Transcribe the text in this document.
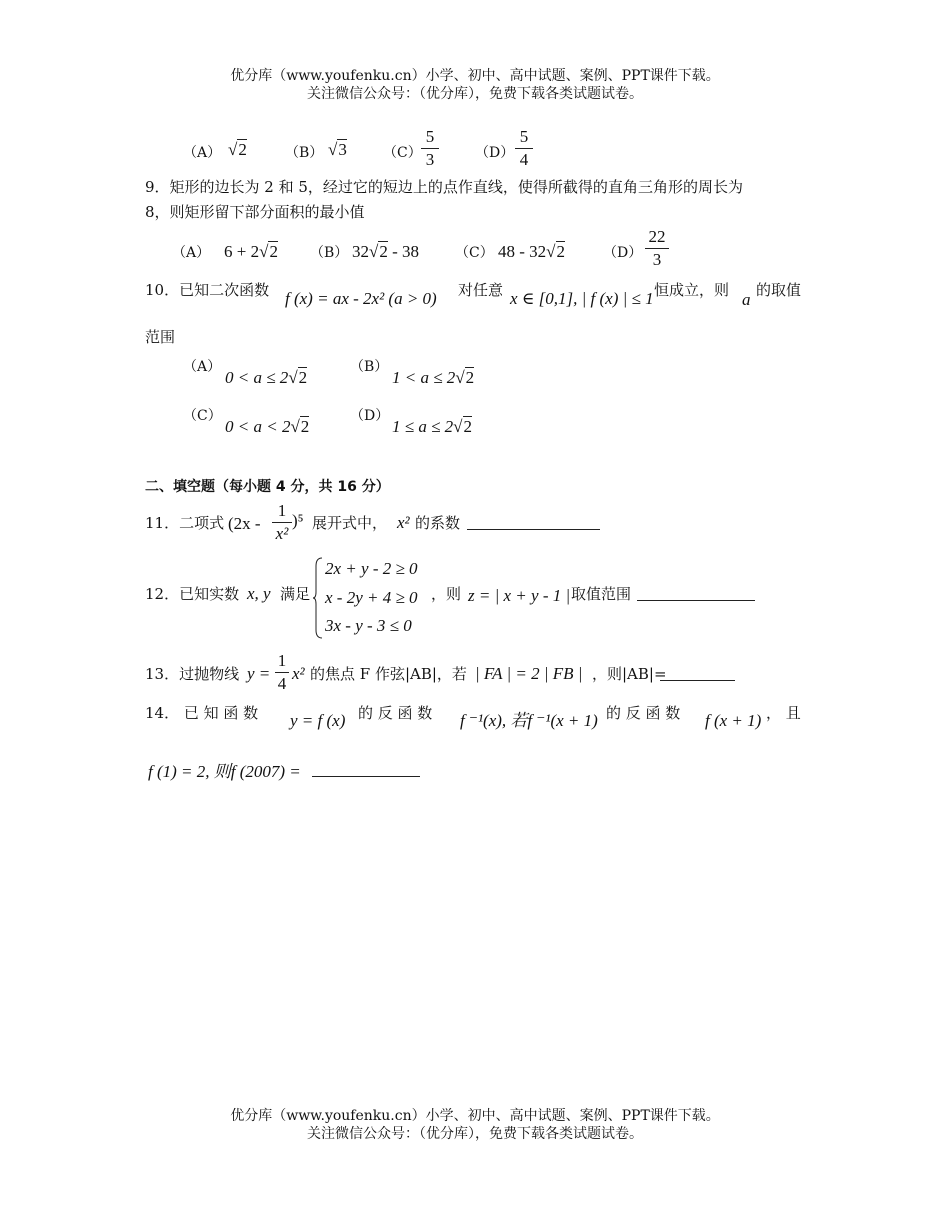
优分库（www.youfenku.cn）小学、初中、高中试题、案例、PPT课件下载。
关注微信公众号：（优分库），免费下载各类试题试卷。
（A） √2	（B） √3	（C）
5
3	（D）
5
4
9．矩形的边长为 2 和 5，经过它的短边上的点作直线，使得所截得的直角三角形的周长为
8，则矩形留下部分面积的最小值
（A） 6 + 2√2 （B） 32√2 - 38	（C） 48 - 32√2	（D）
22
3
10．已知二次函数 f (x) = ax - 2x² (a > 0) 对任意 x ∈ [0,1], | f (x) | ≤ 1 恒成立，则 a 的取值
范围
（A）
0 < a ≤ 2√2
（B）
1 < a ≤ 2√2
（C）
0 < a < 2√2
（D）
1 ≤ a ≤ 2√2
二、填空题（每小题 4 分，共 16 分）
11．二项式 (2x -
1
x²
)⁵ 展开式中， x² 的系数
12．已知实数 x, y 满足
2x + y - 2 ≥ 0
x - 2y + 4 ≥ 0
3x - y - 3 ≤ 0
，则 z = | x + y - 1 | 取值范围
13．过抛物线 y =
1
4
x² 的焦点 F 作弦|AB|，若 | FA | = 2 | FB | ，则|AB|=
14． 已 知 函 数 y = f (x) 的 反 函 数 f ⁻¹(x), 若f ⁻¹(x + 1) 的 反 函 数 f (x + 1) ， 且
f (1) = 2, 则f (2007) =
优分库（www.youfenku.cn）小学、初中、高中试题、案例、PPT课件下载。
关注微信公众号：（优分库），免费下载各类试题试卷。
